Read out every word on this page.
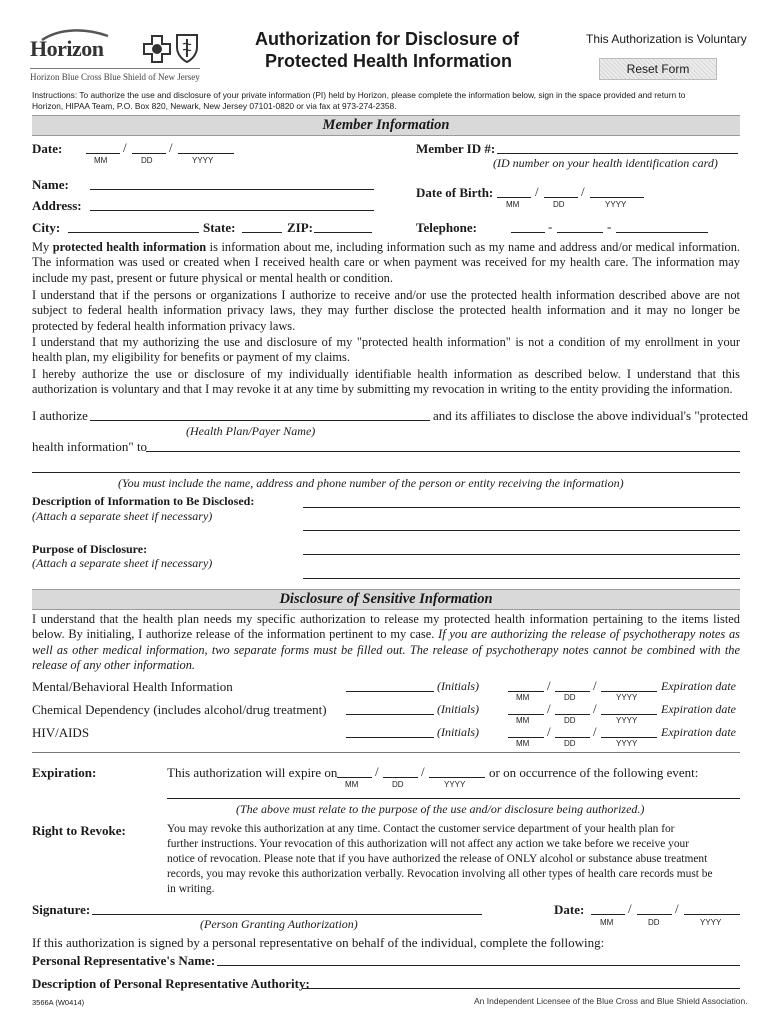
Horizon
Horizon Blue Cross Blue Shield of New Jersey
Authorization for Disclosure of
Protected Health Information
This Authorization is Voluntary
Reset Form
Instructions: To authorize the use and disclosure of your private information (PI) held by Horizon, please complete the information below, sign in the space provided and return to
Horizon, HIPAA Team, P.O. Box 820, Newark, New Jersey 07101-0820 or via fax at 973-274-2358.
Member Information
Date:	/	/
MM	DD	YYYY
Member ID #:
(ID number on your health identification card)
Name:
Date of Birth:	/	/
MM	DD	YYYY
Address:
City:	State:	ZIP:	Telephone:	-	-
My protected health information is information about me, including information such as my name and address and/or medical information. The information was used or created when I received health care or when payment was received for my health care. The information may include my past, present or future physical or mental health or condition.
I understand that if the persons or organizations I authorize to receive and/or use the protected health information described above are not subject to federal health information privacy laws, they may further disclose the protected health information and it may no longer be protected by federal health information privacy laws.
I understand that my authorizing the use and disclosure of my "protected health information" is not a condition of my enrollment in your health plan, my eligibility for benefits or payment of my claims.
I hereby authorize the use or disclosure of my individually identifiable health information as described below. I understand that this authorization is voluntary and that I may revoke it at any time by submitting my revocation in writing to the entity providing the information.
I authorize	and its affiliates to disclose the above individual's "protected
(Health Plan/Payer Name)
health information" to
(You must include the name, address and phone number of the person or entity receiving the information)
Description of Information to Be Disclosed:
(Attach a separate sheet if necessary)
Purpose of Disclosure:
(Attach a separate sheet if necessary)
Disclosure of Sensitive Information
I understand that the health plan needs my specific authorization to release my protected health information pertaining to the items listed below. By initialing, I authorize release of the information pertinent to my case. If you are authorizing the release of psychotherapy notes as well as other medical information, two separate forms must be filled out. The release of psychotherapy notes cannot be combined with the release of any other information.
Mental/Behavioral Health Information	(Initials)	/	/	Expiration date
MM	DD	YYYY
Chemical Dependency (includes alcohol/drug treatment)	(Initials)	/	/	Expiration date
MM	DD	YYYY
HIV/AIDS	(Initials)	/	/	Expiration date
MM	DD	YYYY
Expiration:	This authorization will expire on	/	/	or on occurrence of the following event:
MM	DD	YYYY
(The above must relate to the purpose of the use and/or disclosure being authorized.)
Right to Revoke:	You may revoke this authorization at any time. Contact the customer service department of your health plan for
further instructions. Your revocation of this authorization will not affect any action we take before we receive your
notice of revocation. Please note that if you have authorized the release of ONLY alcohol or substance abuse treatment
records, you may revoke this authorization verbally. Revocation involving all other types of health care records must be
in writing.
Signature:
(Person Granting Authorization)
Date:	/	/
MM	DD	YYYY
If this authorization is signed by a personal representative on behalf of the individual, complete the following:
Personal Representative's Name:
Description of Personal Representative Authority:
3566A (W0414)	An Independent Licensee of the Blue Cross and Blue Shield Association.
